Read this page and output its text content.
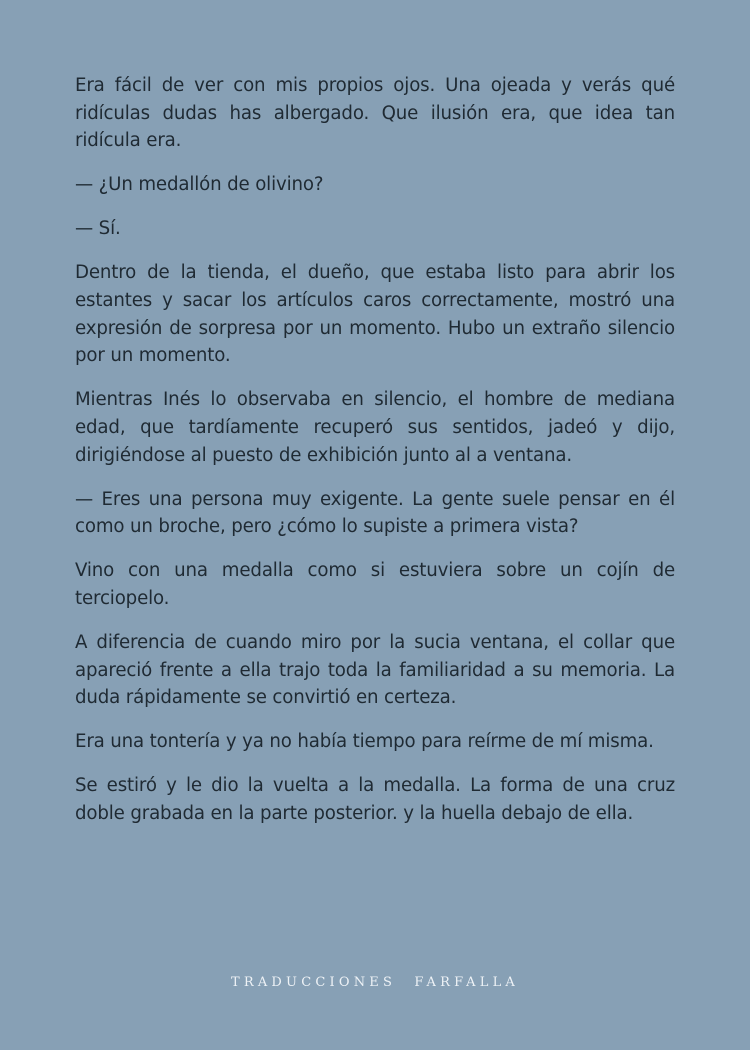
Era fácil de ver con mis propios ojos. Una ojeada y verás qué ridículas dudas has albergado. Que ilusión era, que idea tan ridícula era.

— ¿Un medallón de olivino?

— Sí.

Dentro de la tienda, el dueño, que estaba listo para abrir los estantes y sacar los artículos caros correctamente, mostró una expresión de sorpresa por un momento. Hubo un extraño silencio por un momento.

Mientras Inés lo observaba en silencio, el hombre de mediana edad, que tardíamente recuperó sus sentidos, jadeó y dijo, dirigiéndose al puesto de exhibición junto al a ventana.

— Eres una persona muy exigente. La gente suele pensar en él como un broche, pero ¿cómo lo supiste a primera vista?

Vino con una medalla como si estuviera sobre un cojín de terciopelo.

A diferencia de cuando miro por la sucia ventana, el collar que apareció frente a ella trajo toda la familiaridad a su memoria. La duda rápidamente se convirtió en certeza.

Era una tontería y ya no había tiempo para reírme de mí misma.

Se estiró y le dio la vuelta a la medalla. La forma de una cruz doble grabada en la parte posterior. y la huella debajo de ella.

TRADUCCIONES FARFALLA
